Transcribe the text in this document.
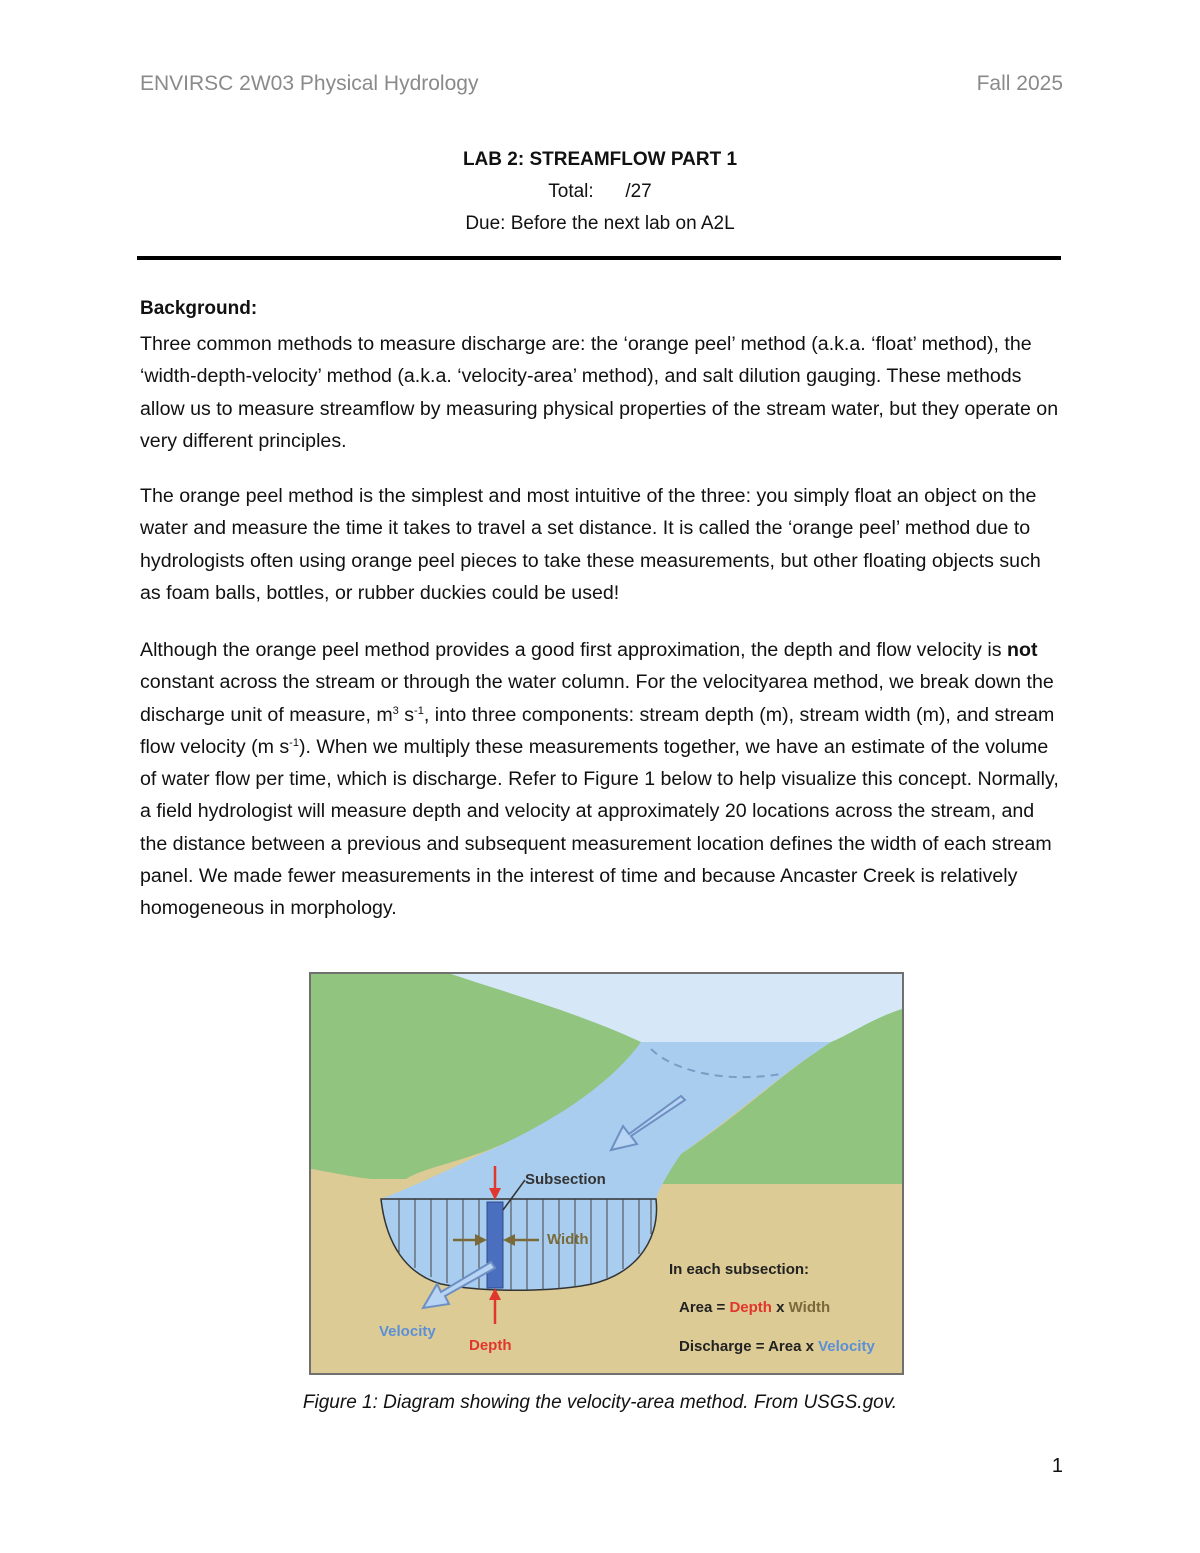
ENVIRSC 2W03 Physical Hydrology	Fall 2025
LAB 2: STREAMFLOW PART 1
Total:      /27
Due: Before the next lab on A2L
Background:

Three common methods to measure discharge are: the ‘orange peel’ method (a.k.a. ‘float’ method), the ‘width-depth-velocity’ method (a.k.a. ‘velocity-area’ method), and salt dilution gauging. These methods allow us to measure streamflow by measuring physical properties of the stream water, but they operate on very different principles.

The orange peel method is the simplest and most intuitive of the three: you simply float an object on the water and measure the time it takes to travel a set distance. It is called the ‘orange peel’ method due to hydrologists often using orange peel pieces to take these measurements, but other floating objects such as foam balls, bottles, or rubber duckies could be used!

Although the orange peel method provides a good first approximation, the depth and flow velocity is not constant across the stream or through the water column. For the velocityarea method, we break down the discharge unit of measure, $m^3$ $s^{-1}$, into three components: stream depth (m), stream width (m), and stream flow velocity (m $s^{-1}$). When we multiply these measurements together, we have an estimate of the volume of water flow per time, which is discharge. Refer to Figure 1 below to help visualize this concept. Normally, a field hydrologist will measure depth and velocity at approximately 20 locations across the stream, and the distance between a previous and subsequent measurement location defines the width of each stream panel. We made fewer measurements in the interest of time and because Ancaster Creek is relatively homogeneous in morphology.

Subsection
Width
Velocity
Depth
In each subsection:
Area = Depth x Width
Discharge = Area x Velocity
Figure 1: Diagram showing the velocity-area method. From USGS.gov.
1
